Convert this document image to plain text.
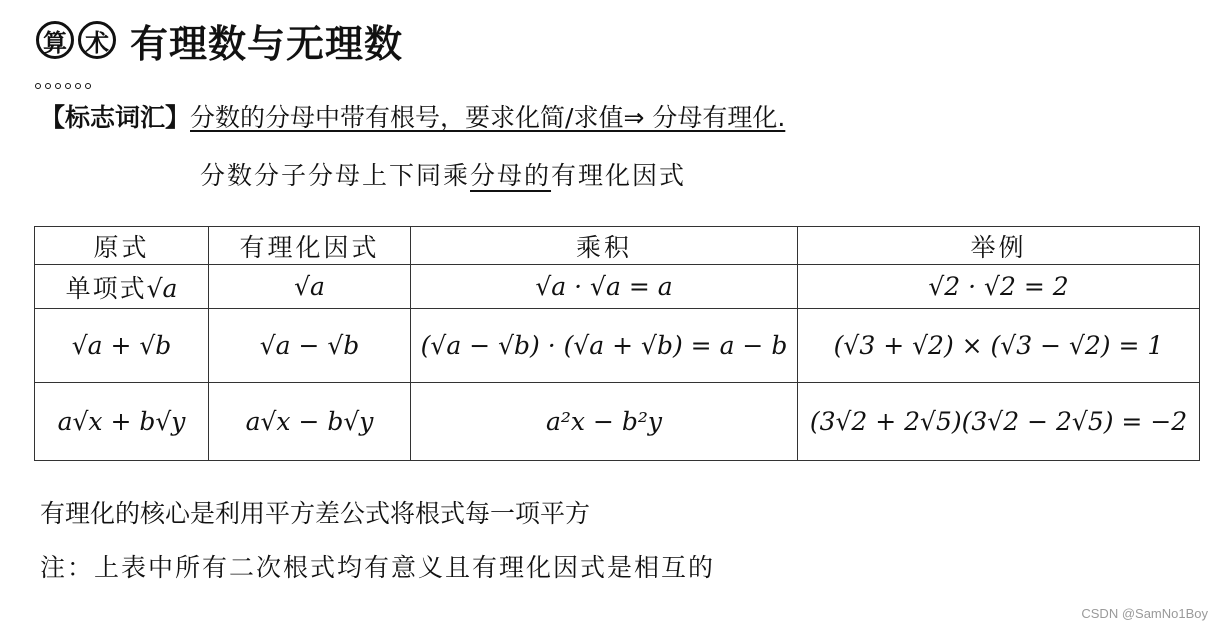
算 术 有理数与无理数
【标志词汇】 分数的分母中带有根号，要求化简/求值⇒ 分母有理化.
分数分子分母上下同乘分母的有理化因式
原式	有理化因式	乘积	举例
单项式√a	√a	√a · √a = a	√2 · √2 = 2
√a + √b	√a − √b	(√a − √b) · (√a + √b) = a − b	(√3 + √2) × (√3 − √2) = 1
a√x + b√y	a√x − b√y	a²x − b²y	(3√2 + 2√5)(3√2 − 2√5) = −2
有理化的核心是利用平方差公式将根式每一项平方
注：上表中所有二次根式均有意义且有理化因式是相互的
CSDN @SamNo1Boy
